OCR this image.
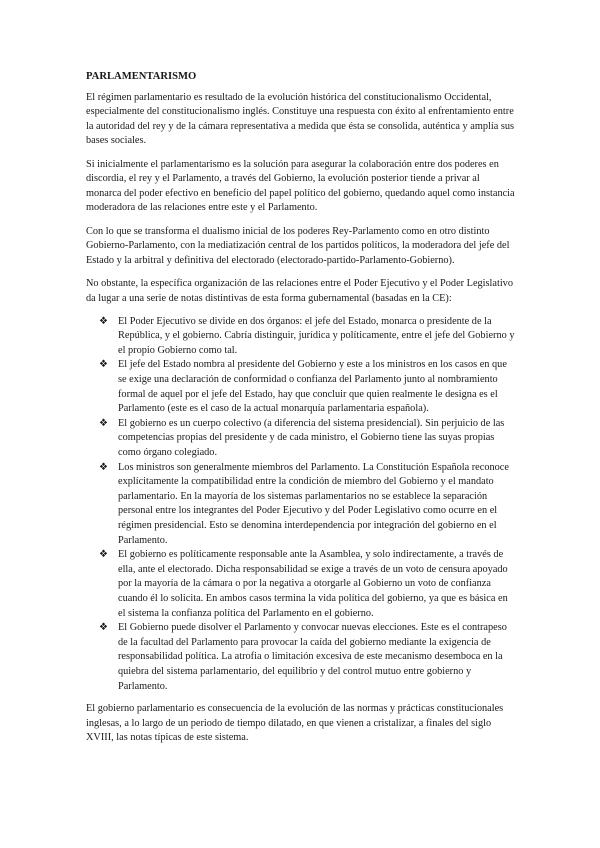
PARLAMENTARISMO

El régimen parlamentario es resultado de la evolución histórica del constitucionalismo Occidental, especialmente del constitucionalismo inglés. Constituye una respuesta con éxito al enfrentamiento entre la autoridad del rey y de la cámara representativa a medida que ésta se consolida, auténtica y amplía sus bases sociales.

Si inicialmente el parlamentarismo es la solución para asegurar la colaboración entre dos poderes en discordia, el rey y el Parlamento, a través del Gobierno, la evolución posterior tiende a privar al monarca del poder efectivo en beneficio del papel político del gobierno, quedando aquel como instancia moderadora de las relaciones entre este y el Parlamento.

Con lo que se transforma el dualismo inicial de los poderes Rey-Parlamento como en otro distinto Gobierno-Parlamento, con la mediatización central de los partidos políticos, la moderadora del jefe del Estado y la arbitral y definitiva del electorado (electorado-partido-Parlamento-Gobierno).

No obstante, la específica organización de las relaciones entre el Poder Ejecutivo y el Poder Legislativo da lugar a una serie de notas distintivas de esta forma gubernamental (basadas en la CE):

❖ El Poder Ejecutivo se divide en dos órganos: el jefe del Estado, monarca o presidente de la República, y el gobierno. Cabría distinguir, jurídica y políticamente, entre el jefe del Gobierno y el propio Gobierno como tal.
❖ El jefe del Estado nombra al presidente del Gobierno y este a los ministros en los casos en que se exige una declaración de conformidad o confianza del Parlamento junto al nombramiento formal de aquel por el jefe del Estado, hay que concluir que quien realmente le designa es el Parlamento (este es el caso de la actual monarquía parlamentaria española).
❖ El gobierno es un cuerpo colectivo (a diferencia del sistema presidencial). Sin perjuicio de las competencias propias del presidente y de cada ministro, el Gobierno tiene las suyas propias como órgano colegiado.
❖ Los ministros son generalmente miembros del Parlamento. La Constitución Española reconoce explícitamente la compatibilidad entre la condición de miembro del Gobierno y el mandato parlamentario. En la mayoría de los sistemas parlamentarios no se establece la separación personal entre los integrantes del Poder Ejecutivo y del Poder Legislativo como ocurre en el régimen presidencial. Esto se denomina interdependencia por integración del gobierno en el Parlamento.
❖ El gobierno es políticamente responsable ante la Asamblea, y solo indirectamente, a través de ella, ante el electorado. Dicha responsabilidad se exige a través de un voto de censura apoyado por la mayoría de la cámara o por la negativa a otorgarle al Gobierno un voto de confianza cuando él lo solicita. En ambos casos termina la vida política del gobierno, ya que es básica en el sistema la confianza política del Parlamento en el gobierno.
❖ El Gobierno puede disolver el Parlamento y convocar nuevas elecciones. Este es el contrapeso de la facultad del Parlamento para provocar la caída del gobierno mediante la exigencia de responsabilidad política. La atrofia o limitación excesiva de este mecanismo desemboca en la quiebra del sistema parlamentario, del equilibrio y del control mutuo entre gobierno y Parlamento.

El gobierno parlamentario es consecuencia de la evolución de las normas y prácticas constitucionales inglesas, a lo largo de un periodo de tiempo dilatado, en que vienen a cristalizar, a finales del siglo XVIII, las notas típicas de este sistema.
